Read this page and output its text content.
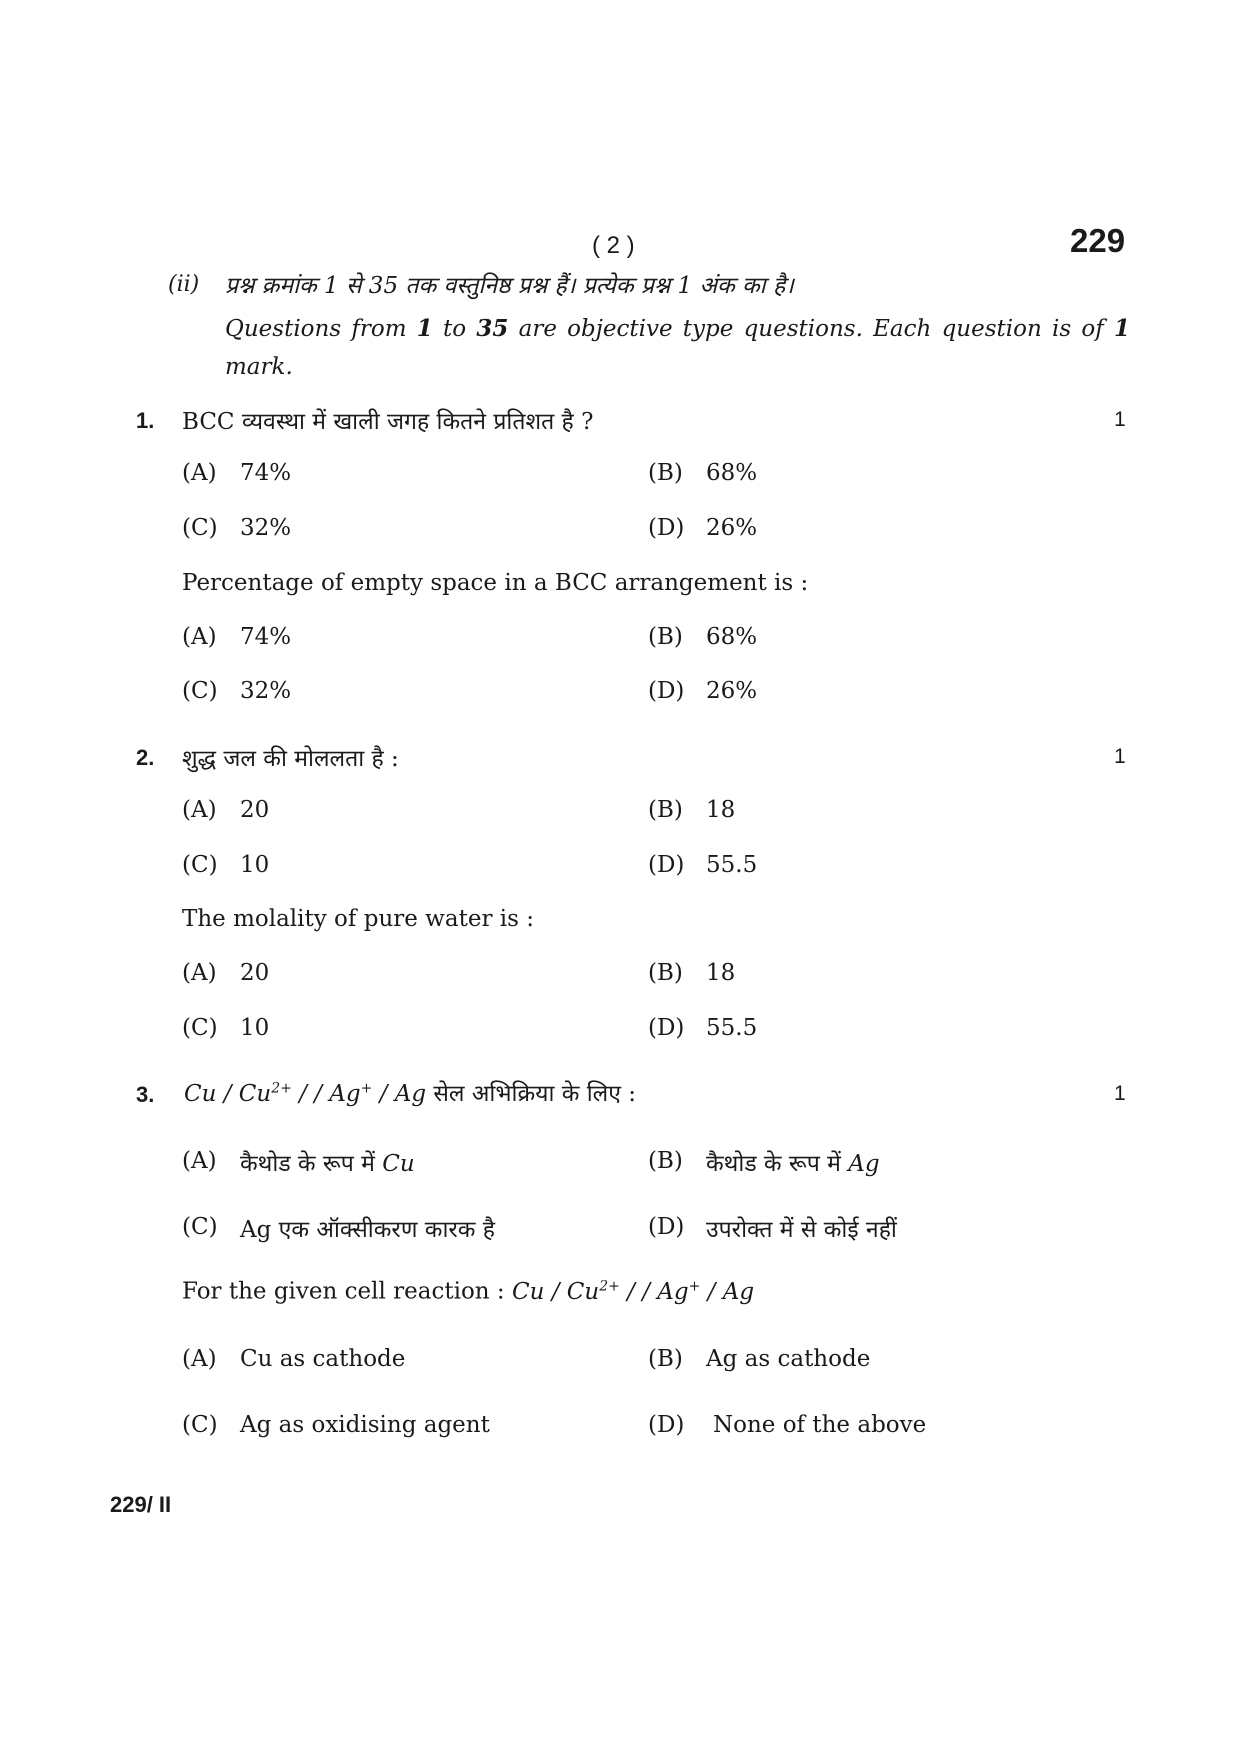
( 2 )	229
(ii) प्रश्न क्रमांक 1 से 35 तक वस्तुनिष्ठ प्रश्न हैं। प्रत्येक प्रश्न 1 अंक का है।
Questions from 1 to 35 are objective type questions. Each question is of 1 mark.
1. BCC व्यवस्था में खाली जगह कितने प्रतिशत है ?	1
(A) 74%	(B) 68%
(C) 32%	(D) 26%
Percentage of empty space in a BCC arrangement is :
(A) 74%	(B) 68%
(C) 32%	(D) 26%
2. शुद्ध जल की मोललता है :	1
(A) 20	(B) 18
(C) 10	(D) 55.5
The molality of pure water is :
(A) 20	(B) 18
(C) 10	(D) 55.5
3. Cu / $Cu^{2+}$ / / Ag+ / Ag सेल अभिक्रिया के लिए :	1
(A) कैथोड के रूप में Cu	(B) कैथोड के रूप में Ag
(C) Ag एक ऑक्सीकरण कारक है	(D) उपरोक्त में से कोई नहीं
For the given cell reaction : Cu / $Cu^{2+}$ / / Ag+ / Ag
(A) Cu as cathode	(B) Ag as cathode
(C) Ag as oxidising agent	(D) None of the above
229/ II
